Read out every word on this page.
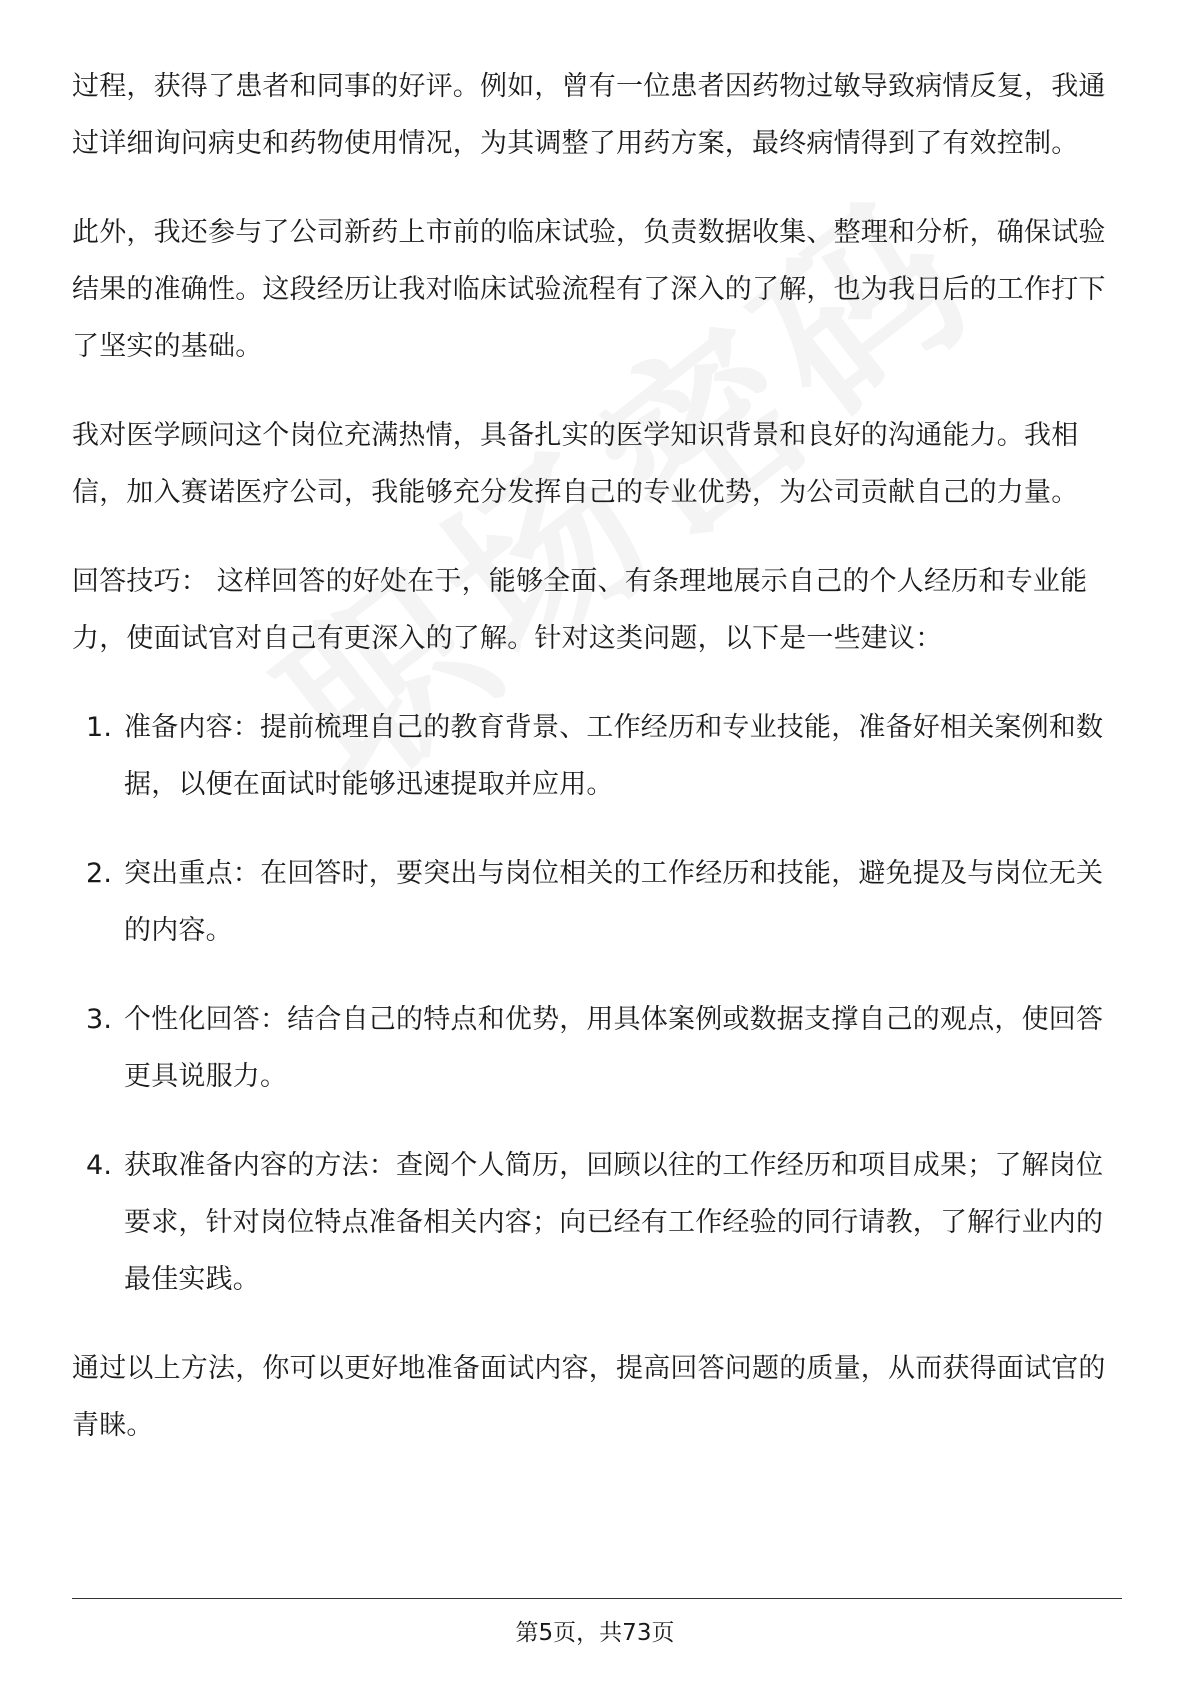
过程，获得了患者和同事的好评。例如，曾有一位患者因药物过敏导致病情反复，我通过详细询问病史和药物使用情况，为其调整了用药方案，最终病情得到了有效控制。

此外，我还参与了公司新药上市前的临床试验，负责数据收集、整理和分析，确保试验结果的准确性。这段经历让我对临床试验流程有了深入的了解，也为我日后的工作打下了坚实的基础。

我对医学顾问这个岗位充满热情，具备扎实的医学知识背景和良好的沟通能力。我相信，加入赛诺医疗公司，我能够充分发挥自己的专业优势，为公司贡献自己的力量。

回答技巧： 这样回答的好处在于，能够全面、有条理地展示自己的个人经历和专业能力，使面试官对自己有更深入的了解。针对这类问题，以下是一些建议：

1. 准备内容：提前梳理自己的教育背景、工作经历和专业技能，准备好相关案例和数据，以便在面试时能够迅速提取并应用。
2. 突出重点：在回答时，要突出与岗位相关的工作经历和技能，避免提及与岗位无关的内容。
3. 个性化回答：结合自己的特点和优势，用具体案例或数据支撑自己的观点，使回答更具说服力。
4. 获取准备内容的方法：查阅个人简历，回顾以往的工作经历和项目成果；了解岗位要求，针对岗位特点准备相关内容；向已经有工作经验的同行请教，了解行业内的最佳实践。

通过以上方法，你可以更好地准备面试内容，提高回答问题的质量，从而获得面试官的青睐。

第5页，共73页
